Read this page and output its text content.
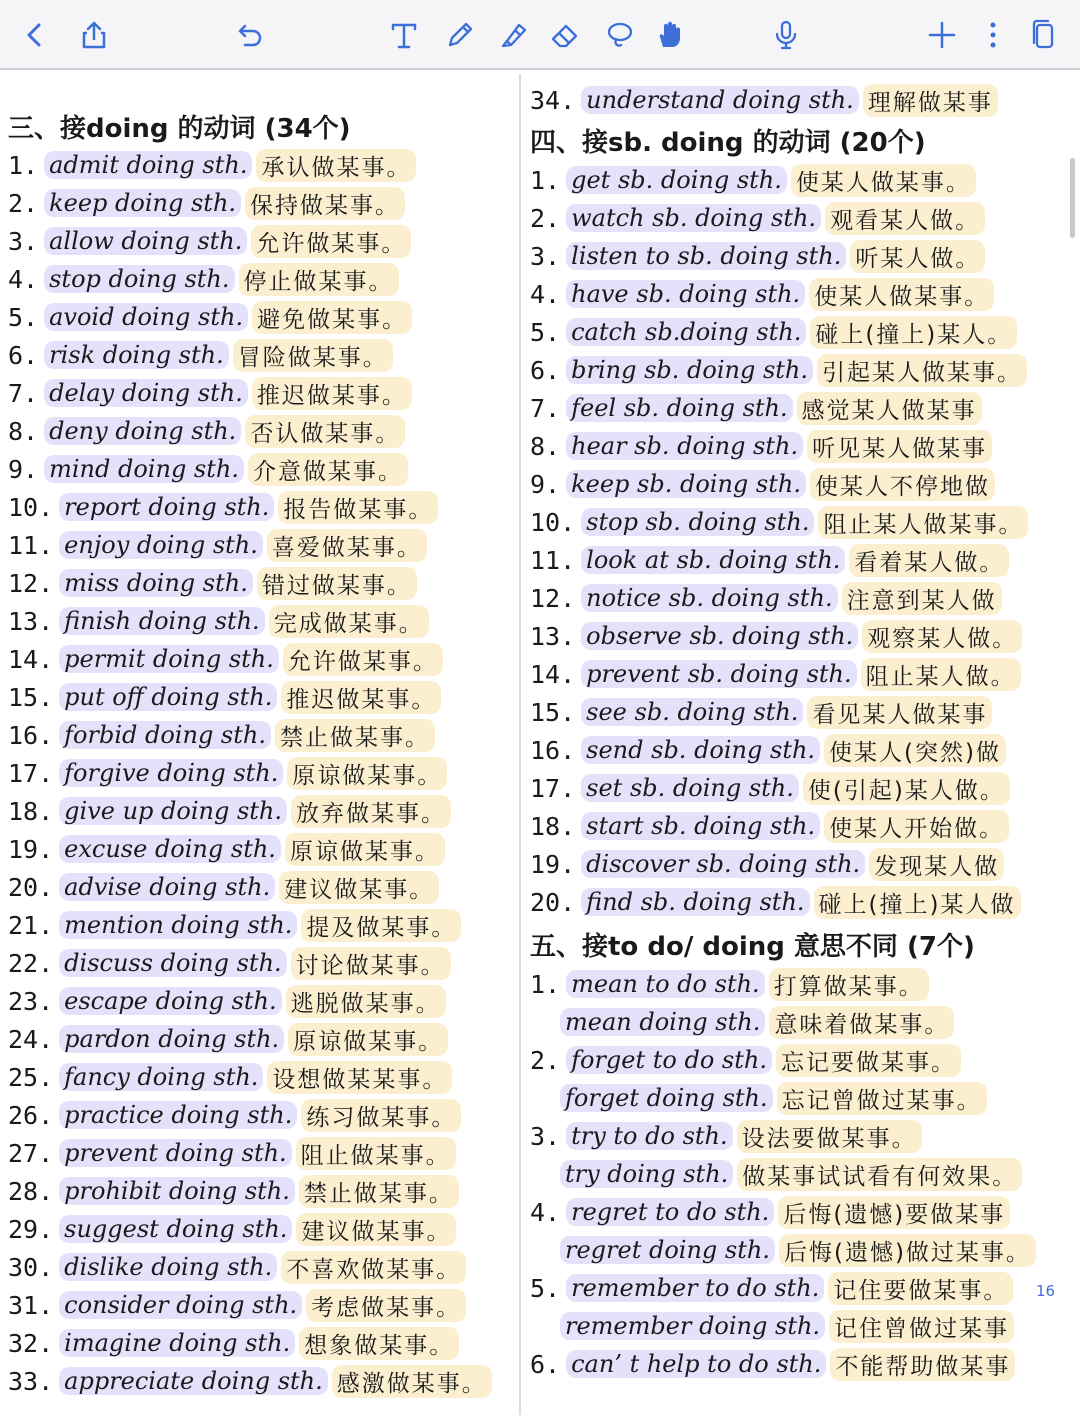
三、接doing 的动词 (34个)
1. admit doing sth. 承认做某事。
2. keep doing sth. 保持做某事。
3. allow doing sth. 允许做某事。
4. stop doing sth. 停止做某事。
5. avoid doing sth. 避免做某事。
6. risk doing sth. 冒险做某事。
7. delay doing sth. 推迟做某事。
8. deny doing sth. 否认做某事。
9. mind doing sth. 介意做某事。
10. report doing sth. 报告做某事。
11. enjoy doing sth. 喜爱做某事。
12. miss doing sth. 错过做某事。
13. finish doing sth. 完成做某事。
14. permit doing sth. 允许做某事。
15. put off doing sth. 推迟做某事。
16. forbid doing sth. 禁止做某事。
17. forgive doing sth. 原谅做某事。
18. give up doing sth. 放弃做某事。
19. excuse doing sth. 原谅做某事。
20. advise doing sth. 建议做某事。
21. mention doing sth. 提及做某事。
22. discuss doing sth. 讨论做某事。
23. escape doing sth. 逃脱做某事。
24. pardon doing sth. 原谅做某事。
25. fancy doing sth. 设想做某某事。
26. practice doing sth. 练习做某事。
27. prevent doing sth. 阻止做某事。
28. prohibit doing sth. 禁止做某事。
29. suggest doing sth. 建议做某事。
30. dislike doing sth. 不喜欢做某事。
31. consider doing sth. 考虑做某事。
32. imagine doing sth. 想象做某事。
33. appreciate doing sth. 感激做某事。
34. understand doing sth. 理解做某事
四、接sb. doing 的动词 (20个)
1. get sb. doing sth. 使某人做某事。
2. watch sb. doing sth. 观看某人做。
3. listen to sb. doing sth. 听某人做。
4. have sb. doing sth. 使某人做某事。
5. catch sb.doing sth. 碰上(撞上)某人。
6. bring sb. doing sth. 引起某人做某事。
7. feel sb. doing sth. 感觉某人做某事
8. hear sb. doing sth. 听见某人做某事
9. keep sb. doing sth. 使某人不停地做
10. stop sb. doing sth. 阻止某人做某事。
11. look at sb. doing sth. 看着某人做。
12. notice sb. doing sth. 注意到某人做
13. observe sb. doing sth. 观察某人做。
14. prevent sb. doing sth. 阻止某人做。
15. see sb. doing sth. 看见某人做某事
16. send sb. doing sth. 使某人(突然)做
17. set sb. doing sth. 使(引起)某人做。
18. start sb. doing sth. 使某人开始做。
19. discover sb. doing sth. 发现某人做
20. find sb. doing sth. 碰上(撞上)某人做
五、接to do/ doing 意思不同 (7个)
1. mean to do sth. 打算做某事。
mean doing sth. 意味着做某事。
2. forget to do sth. 忘记要做某事。
forget doing sth. 忘记曾做过某事。
3. try to do sth. 设法要做某事。
try doing sth. 做某事试试看有何效果。
4. regret to do sth. 后悔(遗憾)要做某事
regret doing sth. 后悔(遗憾)做过某事。
5. remember to do sth. 记住要做某事。
remember doing sth. 记住曾做过某事
6. can’ t help to do sth. 不能帮助做某事
16
